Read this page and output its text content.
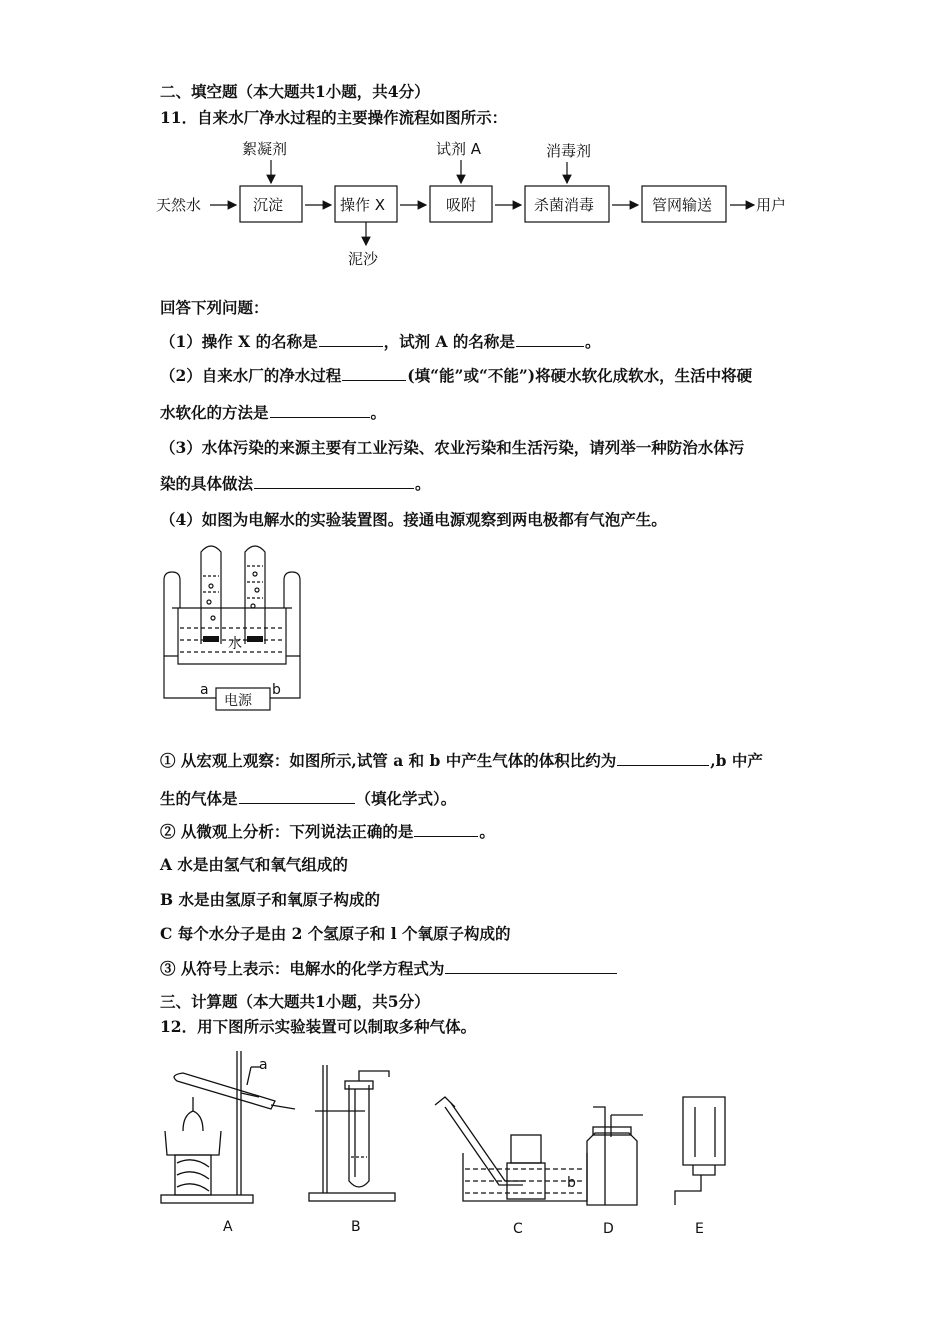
二、填空题（本大题共1小题，共4分）
11．自来水厂净水过程的主要操作流程如图所示：
天然水	沉淀	操作 X	吸附	杀菌消毒	管网输送	用户
絮凝剂	试剂 A	消毒剂
泥沙
回答下列问题：
（1）操作 X 的名称是	，试剂 A 的名称是	。
（2）自来水厂的净水过程	(填“能”或“不能”)将硬水软化成软水，生活中将硬
水软化的方法是	。
（3）水体污染的来源主要有工业污染、农业污染和生活污染，请列举一种防治水体污
染的具体做法	。
（4）如图为电解水的实验装置图。接通电源观察到两电极都有气泡产生。
水
电源
a	b
① 从宏观上观察：如图所示,试管 a 和 b 中产生气体的体积比约为	,b 中产
生的气体是	（填化学式）。
② 从微观上分析：下列说法正确的是	。
A 水是由氢气和氧气组成的
B 水是由氢原子和氧原子构成的
C 每个水分子是由 2 个氢原子和 l 个氧原子构成的
③ 从符号上表示：电解水的化学方程式为
三、计算题（本大题共1小题，共5分）
12．用下图所示实验装置可以制取多种气体。
A	B	C	D	E
a
b
